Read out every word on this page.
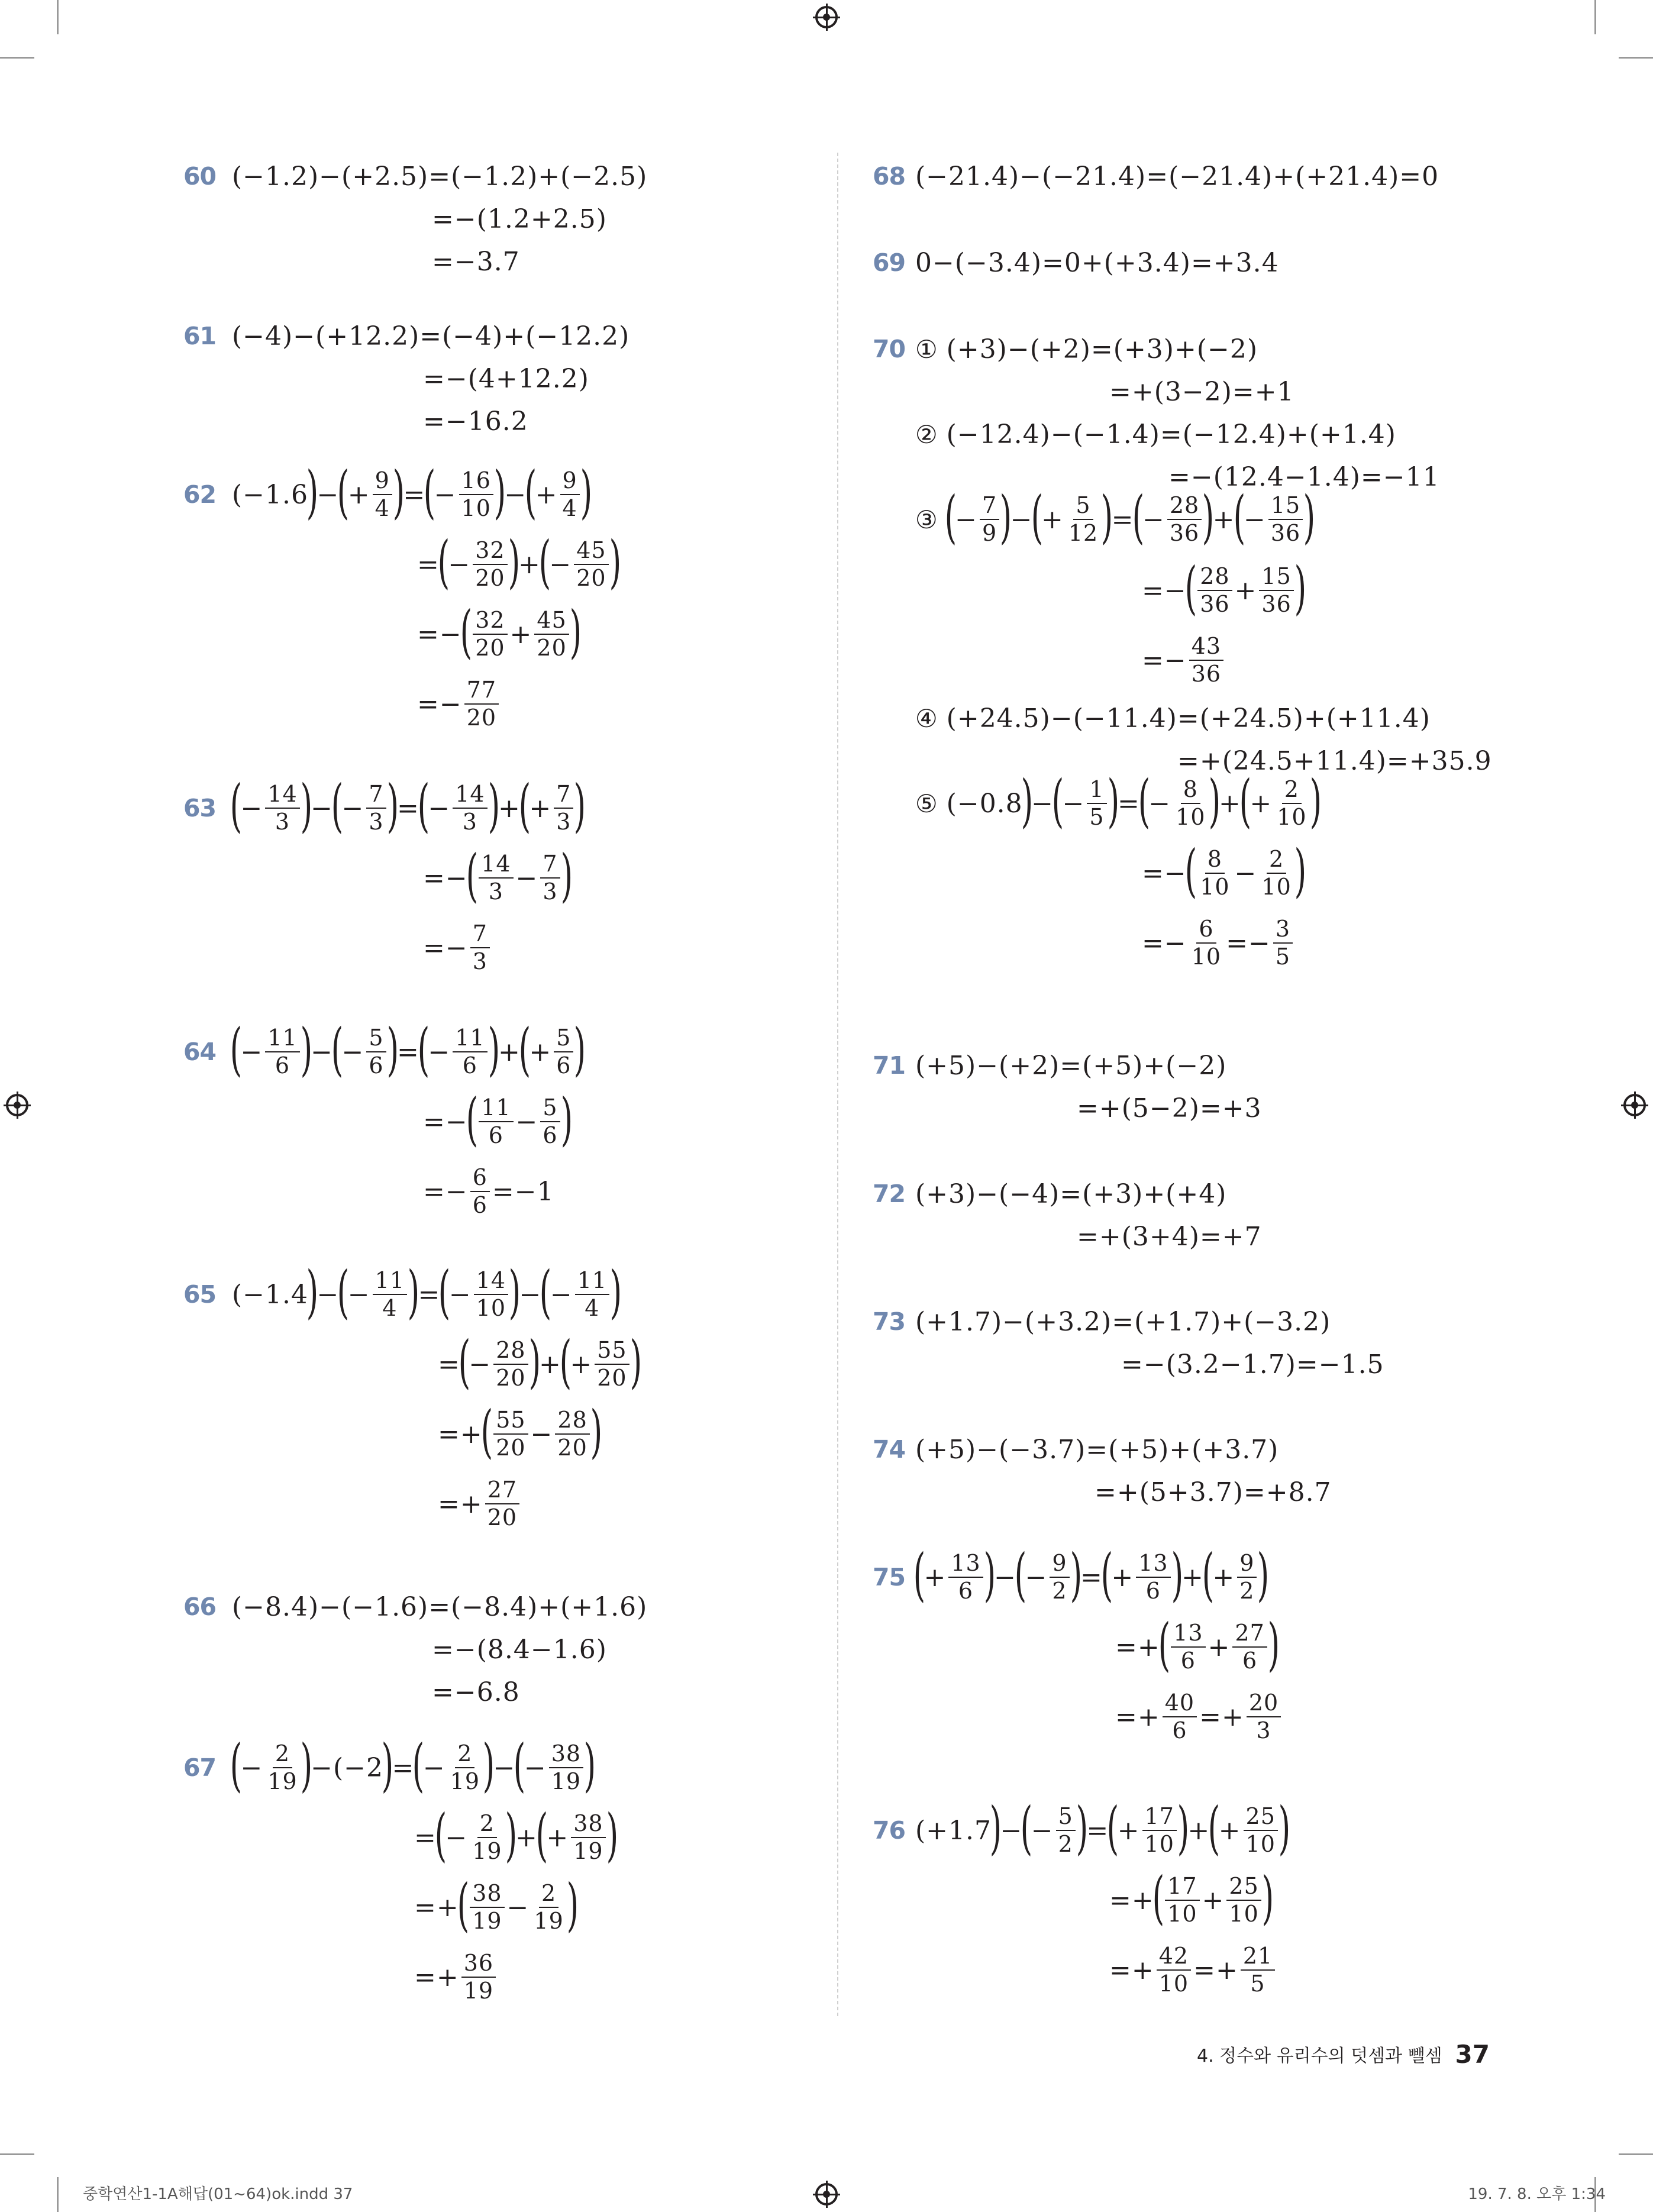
60 (−1.2)−(+2.5)=(−1.2)+(−2.5)
=−(1.2+2.5)
=−3.7
61 (−4)−(+12.2)=(−4)+(−12.2)
=−(4+12.2)
=−16.2
62 (−1.6
)
−
(
+ $\frac{9}{4}$ )
=
(
− $\frac{16}{10}$ )
−
(
+ $\frac{9}{4}$ )
=
(
− $\frac{32}{20}$ )
+
(
− $\frac{45}{20}$ )
=−
( $\frac{32}{20} + \frac{45}{20}$ )
=− $\frac{77}{20}$
63 (
− $\frac{14}{3}$ )
−
(
− $\frac{7}{3}$ )
=
(
− $\frac{14}{3}$ )
+
(
+ $\frac{7}{3}$ )
=−
( $\frac{14}{3} - \frac{7}{3}$ )
=− $\frac{7}{3}$
64 (
− $\frac{11}{6}$ )
−
(
− $\frac{5}{6}$ )
=
(
− $\frac{11}{6}$ )
+
(
+ $\frac{5}{6}$ )
=−
( $\frac{11}{6} - \frac{5}{6}$ )
=− $\frac{6}{6} =-1$
65 (−1.4
)
−
(
− $\frac{11}{4}$ )
=
(
− $\frac{14}{10}$ )
−
(
− $\frac{11}{4}$ )
=
(
− $\frac{28}{20}$ )
+
(
+ $\frac{55}{20}$ )
=+
( $\frac{55}{20} - \frac{28}{20}$ )
=+ $\frac{27}{20}$
66 (−8.4)−(−1.6)=(−8.4)+(+1.6)
=−(8.4−1.6)
=−6.8
67 (
− $\frac{2}{19}$ )
−(−2
)
=
(
− $\frac{2}{19}$ )
−
(
− $\frac{38}{19}$ )
=
(
− $\frac{2}{19}$ )
+
(
+ $\frac{38}{19}$ )
=+
( $\frac{38}{19} - \frac{2}{19}$ )
=+ $\frac{36}{19}$
68 (−21.4)−(−21.4)=(−21.4)+(+21.4)=0
69 0−(−3.4)=0+(+3.4)=+3.4
70 ① (+3)−(+2)=(+3)+(−2)
=+(3−2)=+1
② (−12.4)−(−1.4)=(−12.4)+(+1.4)
=−(12.4−1.4)=−11
③ (
− $\frac{7}{9}$ )
−
(
+ $\frac{5}{12}$ )
=
(
− $\frac{28}{36}$ )
+
(
− $\frac{15}{36}$ )
=−
( $\frac{28}{36} + \frac{15}{36}$ )
=− $\frac{43}{36}$
④ (+24.5)−(−11.4)=(+24.5)+(+11.4)
=+(24.5+11.4)=+35.9
⑤ (−0.8
)
−
(
− $\frac{1}{5}$ )
=
(
− $\frac{8}{10}$ )
+
(
+ $\frac{2}{10}$ )
=−
( $\frac{8}{10} - \frac{2}{10}$ )
=− $\frac{6}{10} =- \frac{3}{5}$
71 (+5)−(+2)=(+5)+(−2)
=+(5−2)=+3
72 (+3)−(−4)=(+3)+(+4)
=+(3+4)=+7
73 (+1.7)−(+3.2)=(+1.7)+(−3.2)
=−(3.2−1.7)=−1.5
74 (+5)−(−3.7)=(+5)+(+3.7)
=+(5+3.7)=+8.7
75 (
+ $\frac{13}{6}$ )
−
(
− $\frac{9}{2}$ )
=
(
+ $\frac{13}{6}$ )
+
(
+ $\frac{9}{2}$ )
=+
( $\frac{13}{6} + \frac{27}{6}$ )
=+ $\frac{40}{6} =+ \frac{20}{3}$
76 (+1.7
)
−
(
− $\frac{5}{2}$ )
=
(
+ $\frac{17}{10}$ )
+
(
+ $\frac{25}{10}$ )
=+
( $\frac{17}{10} + \frac{25}{10}$ )
=+ $\frac{42}{10} =+ \frac{21}{5}$
4. 정수와 유리수의 덧셈과 뺄셈 37
중학연산1-1A해답(01~64)ok.indd 37	19. 7. 8. 오후 1:34
